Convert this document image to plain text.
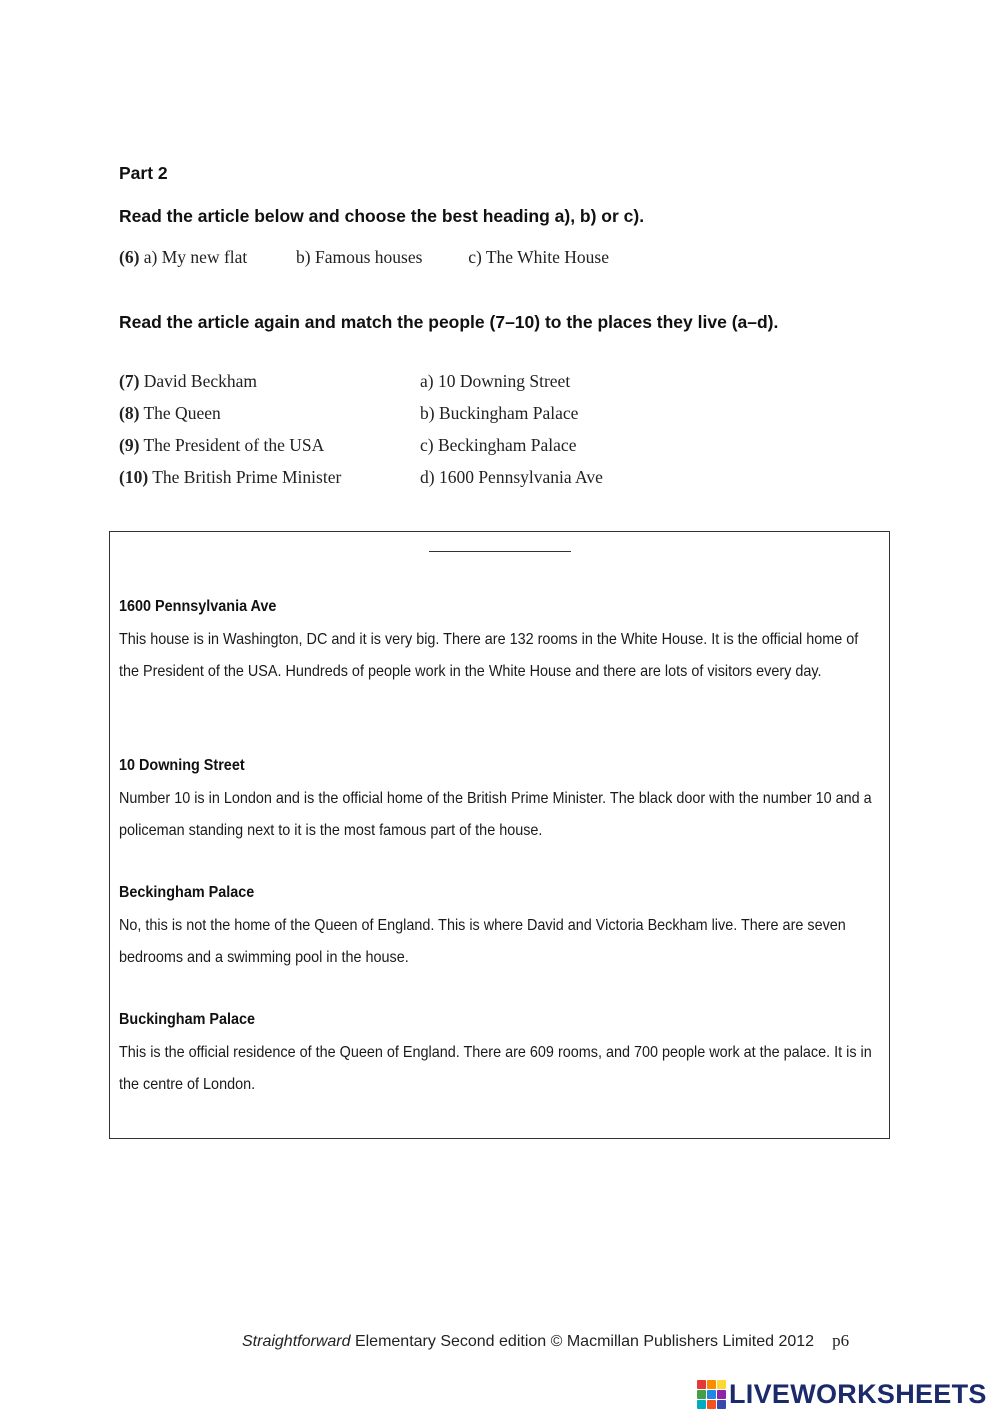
Part 2
Read the article below and choose the best heading a), b) or c).
(6) a) My new flat	b) Famous houses	c) The White House
Read the article again and match the people (7–10) to the places they live (a–d).
(7) David Beckham	a) 10 Downing Street
(8) The Queen	b) Buckingham Palace
(9) The President of the USA	c) Beckingham Palace
(10) The British Prime Minister	d) 1600 Pennsylvania Ave
1600 Pennsylvania Ave
This house is in Washington, DC and it is very big. There are 132 rooms in the White House. It is the official home of the President of the USA. Hundreds of people work in the White House and there are lots of visitors every day.
10 Downing Street
Number 10 is in London and is the official home of the British Prime Minister. The black door with the number 10 and a policeman standing next to it is the most famous part of the house.
Beckingham Palace
No, this is not the home of the Queen of England. This is where David and Victoria Beckham live. There are seven bedrooms and a swimming pool in the house.
Buckingham Palace
This is the official residence of the Queen of England. There are 609 rooms, and 700 people work at the palace. It is in the centre of London.
Straightforward Elementary Second edition © Macmillan Publishers Limited 2012 p6
LIVEWORKSHEETS
